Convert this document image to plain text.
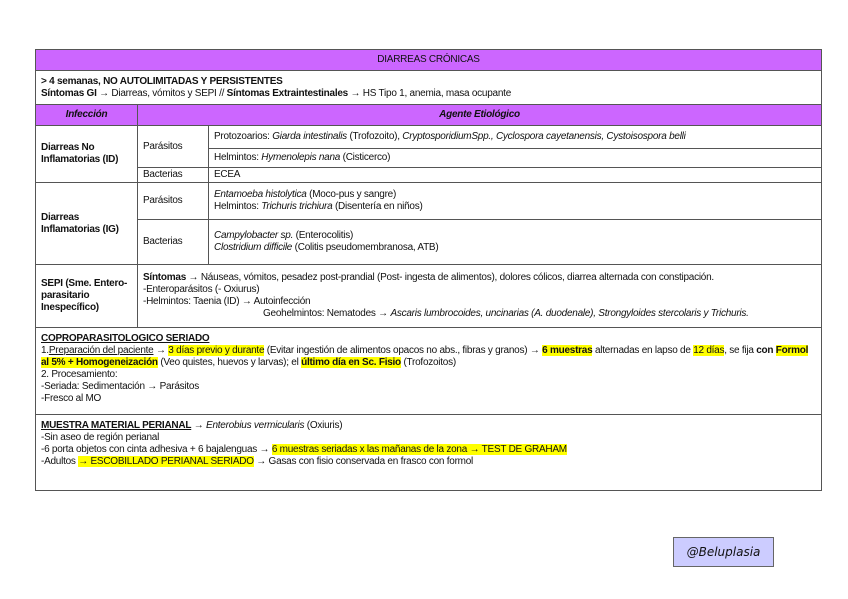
DIARREAS CRÓNICAS		

> 4 semanas, NO AUTOLIMITADAS Y PERSISTENTES
Síntomas GI → Diarreas, vómitos y SEPI // Síntomas Extraintestinales → HS Tipo 1, anemia, masa ocupante		

Infección	Agente Etiológico	
Diarreas No Inflamatorias (ID)	Parásitos	Protozoarios: Giarda intestinalis (Trofozoito), CryptosporidiumSpp., Cyclospora cayetanensis, Cystoisospora belli
		Helmintos: Hymenolepis nana (Cisticerco)
	Bacterias	ECEA
Diarreas Inflamatorias (IG)	Parásitos	Entamoeba histolytica (Moco-pus y sangre)
Helmintos: Trichuris trichiura (Disentería en niños)

	Bacterias	Campylobacter sp. (Enterocolitis)
Clostridium difficile (Colitis pseudomembranosa, ATB)

SEPI (Sme. Entero-parasitario Inespecífico)	Síntomas → Náuseas, vómitos, pesadez post-prandial (Post- ingesta de alimentos), dolores cólicos, diarrea alternada con constipación.
-Enteroparásitos (- Oxiurus)
-Helmintos: Taenia (ID) → Autoinfección
Geohelmintos: Nematodes → Ascaris lumbrocoides, uncinarias (A. duodenale), Strongyloides stercolaris y Trichuris.	

COPROPARASITOLOGICO SERIADO
1.Preparación del paciente → 3 días previo y durante (Evitar ingestión de alimentos opacos no abs., fibras y granos) → 6 muestras alternadas en lapso de 12 días, se fija con Formol al 5% + Homogeneización (Veo quistes, huevos y larvas); el último día en Sc. Fisio (Trofozoitos)
2. Procesamiento:
-Seriada: Sedimentación → Parásitos
-Fresco al MO		

MUESTRA MATERIAL PERIANAL → Enterobius vermicularis (Oxiuris)
-Sin aseo de región perianal
-6 porta objetos con cinta adhesiva + 6 bajalenguas → 6 muestras seriadas x las mañanas de la zona → TEST DE GRAHAM
-Adultos → ESCOBILLADO PERIANAL SERIADO → Gasas con fisio conservada en frasco con formol		
@Beluplasia
